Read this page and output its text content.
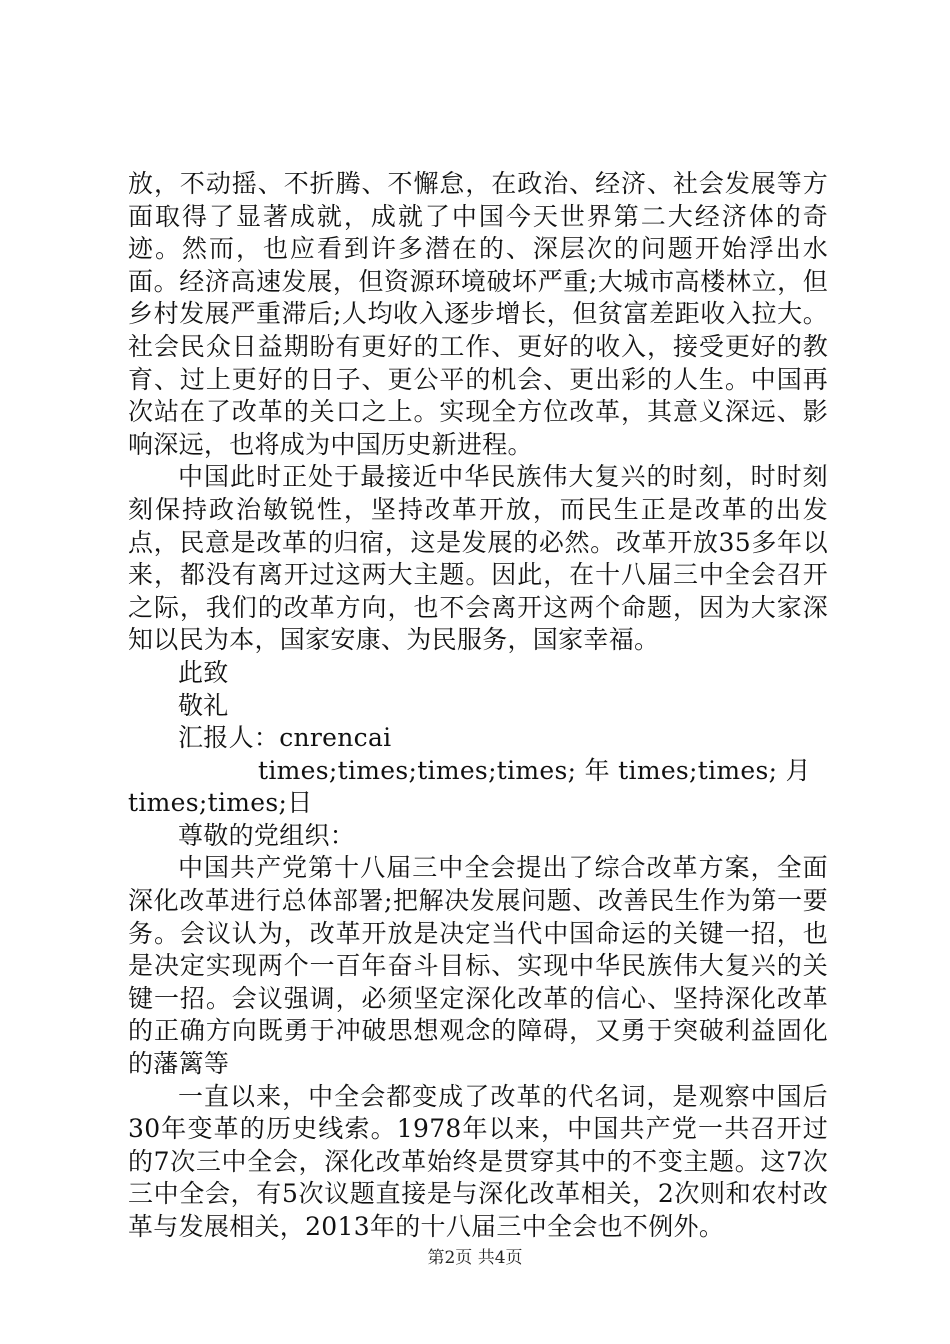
放，不动摇、不折腾、不懈怠，在政治、经济、社会发展等方面取得了显著成就，成就了中国今天世界第二大经济体的奇迹。然而，也应看到许多潜在的、深层次的问题开始浮出水面。经济高速发展，但资源环境破坏严重;大城市高楼林立，但乡村发展严重滞后;人均收入逐步增长，但贫富差距收入拉大。社会民众日益期盼有更好的工作、更好的收入，接受更好的教育、过上更好的日子、更公平的机会、更出彩的人生。中国再次站在了改革的关口之上。实现全方位改革，其意义深远、影响深远，也将成为中国历史新进程。

中国此时正处于最接近中华民族伟大复兴的时刻，时时刻刻保持政治敏锐性，坚持改革开放，而民生正是改革的出发点，民意是改革的归宿，这是发展的必然。改革开放35多年以来，都没有离开过这两大主题。因此，在十八届三中全会召开之际，我们的改革方向，也不会离开这两个命题，因为大家深知以民为本，国家安康、为民服务，国家幸福。

此致

敬礼

汇报人：cnrencai

times;times;times;times; 年 times;times; 月

times;times;日

尊敬的党组织：

中国共产党第十八届三中全会提出了综合改革方案，全面深化改革进行总体部署;把解决发展问题、改善民生作为第一要务。会议认为，改革开放是决定当代中国命运的关键一招，也是决定实现两个一百年奋斗目标、实现中华民族伟大复兴的关键一招。会议强调，必须坚定深化改革的信心、坚持深化改革的正确方向既勇于冲破思想观念的障碍，又勇于突破利益固化的藩篱等

一直以来，中全会都变成了改革的代名词，是观察中国后30年变革的历史线索。1978年以来，中国共产党一共召开过的7次三中全会，深化改革始终是贯穿其中的不变主题。这7次三中全会，有5次议题直接是与深化改革相关，2次则和农村改革与发展相关，2013年的十八届三中全会也不例外。

第2页 共4页
